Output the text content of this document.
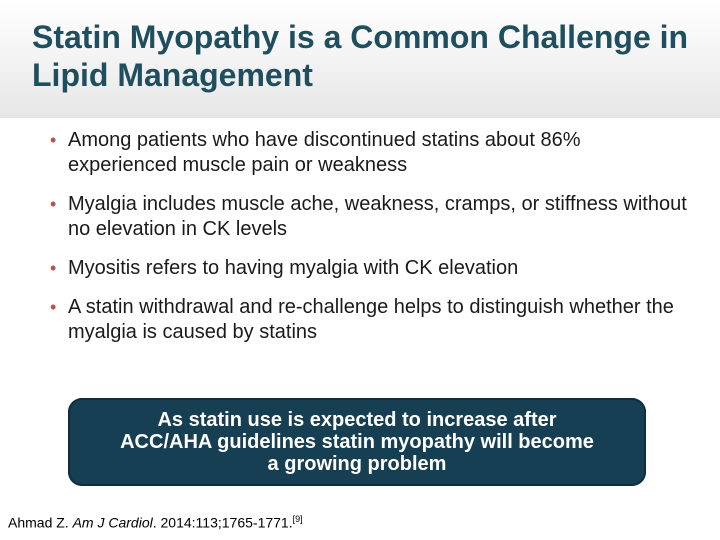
Statin Myopathy is a Common Challenge in Lipid Management
• Among patients who have discontinued statins about 86% experienced muscle pain or weakness
• Myalgia includes muscle ache, weakness, cramps, or stiffness without no elevation in CK levels
• Myositis refers to having myalgia with CK elevation
• A statin withdrawal and re-challenge helps to distinguish whether the myalgia is caused by statins
As statin use is expected to increase after ACC/AHA guidelines statin myopathy will become a growing problem
Ahmad Z. Am J Cardiol. 2014:113;1765-1771.[9]
